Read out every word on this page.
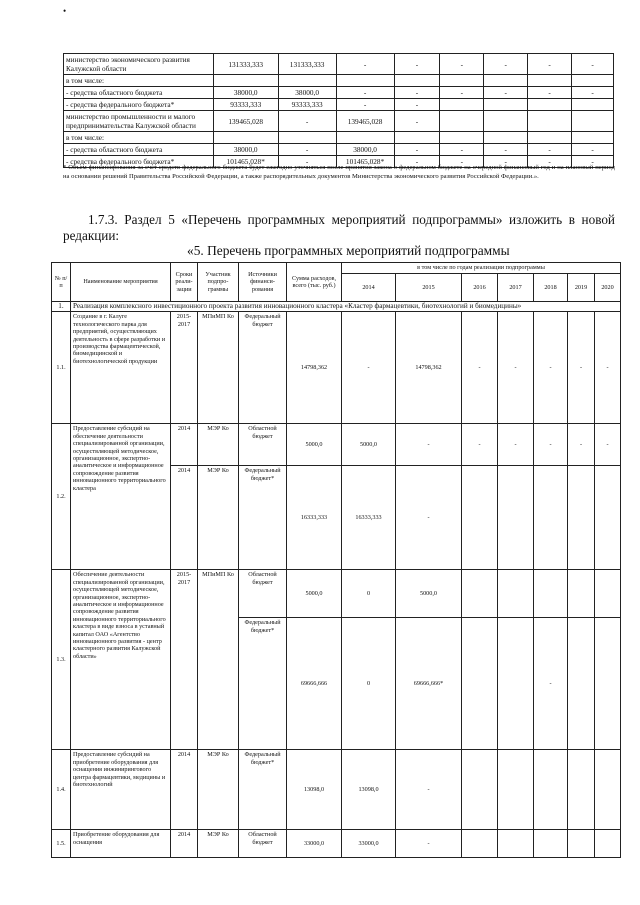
•
министерство экономического развития Калужской области	131333,333	131333,333	-	-	-	-	-	-
в том числе:								
- средства областного бюджета	38000,0	38000,0	-	-	-	-	-	-
- средства федерального бюджета*	93333,333	93333,333	-	-				
министерство промышленности и малого предпринимательства Калужской области	139465,028	-	139465,028	-				
в том числе:								
- средства областного бюджета	38000,0	-	38000,0	-	-	-	-	-
- средства федерального бюджета*	101465,028*	-	101465,028*	-	-	-	-	-
* Объем финансирования за счет средств федерального бюджета будет ежегодно уточняться после принятия закона о федеральном бюджете на очередной финансовый год и на плановый период на основании решений Правительства Российской Федерации, а также распорядительных документов Министерства экономического развития Российской Федерации.».
1.7.3. Раздел 5 «Перечень программных мероприятий подпрограммы» изложить в новой редакции:
«5. Перечень программных мероприятий подпрограммы
№ п/п	Наименование мероприятия	Сроки реали-зации	Участник подпро-граммы	Источники финанси-рования	Сумма расходов, всего (тыс. руб.)	в том числе по годам реализации подпрограммы						
						2014	2015	2016	2017	2018	2019	2020
1.	Реализация комплексного инвестиционного проекта развития инновационного кластера «Кластер фармацевтики, биотехнологий и биомедицины»											
1.1.	Создание в г. Калуге технологического парка для предприятий, осуществляющих деятельность в сфере разработки и производства фармацевтической, биомедицинской и биотехнологической продукции	2015-2017	МПиМП Ко	Федеральный бюджет	14798,362	-	14798,362	-	-	-	-	-
1.2.	Предоставление субсидий на обеспечение деятельности специализированной организации, осуществляющей методическое, организационное, экспертно-аналитическое и информационное сопровождение развития инновационного территориального кластера	2014	МЭР Ко	Областной бюджет	5000,0	5000,0	-	-	-	-	-	-
		2014	МЭР Ко	Федеральный бюджет*	16333,333	16333,333	-					
1.3.	Обеспечение деятельности специализированной организации, осуществляющей методическое, организационное, экспертно-аналитическое и информационное сопровождение развития инновационного территориального кластера в виде взноса в уставный капитал ОАО «Агентство инновационного развития - центр кластерного развития Калужской области»	2015-2017	МПиМП Ко	Областной бюджет	5000,0	0	5000,0					
				Федеральный бюджет*	69666,666	0	69666,666*			-		
1.4.	Предоставление субсидий на приобретение оборудования для оснащения инжинирингового центра фармацевтики, медицины и биотехнологий	2014	МЭР Ко	Федеральный бюджет*	13098,0	13098,0	-					
1.5.	Приобретение оборудования для оснащения	2014	МЭР Ко	Областной бюджет	33000,0	33000,0	-					
